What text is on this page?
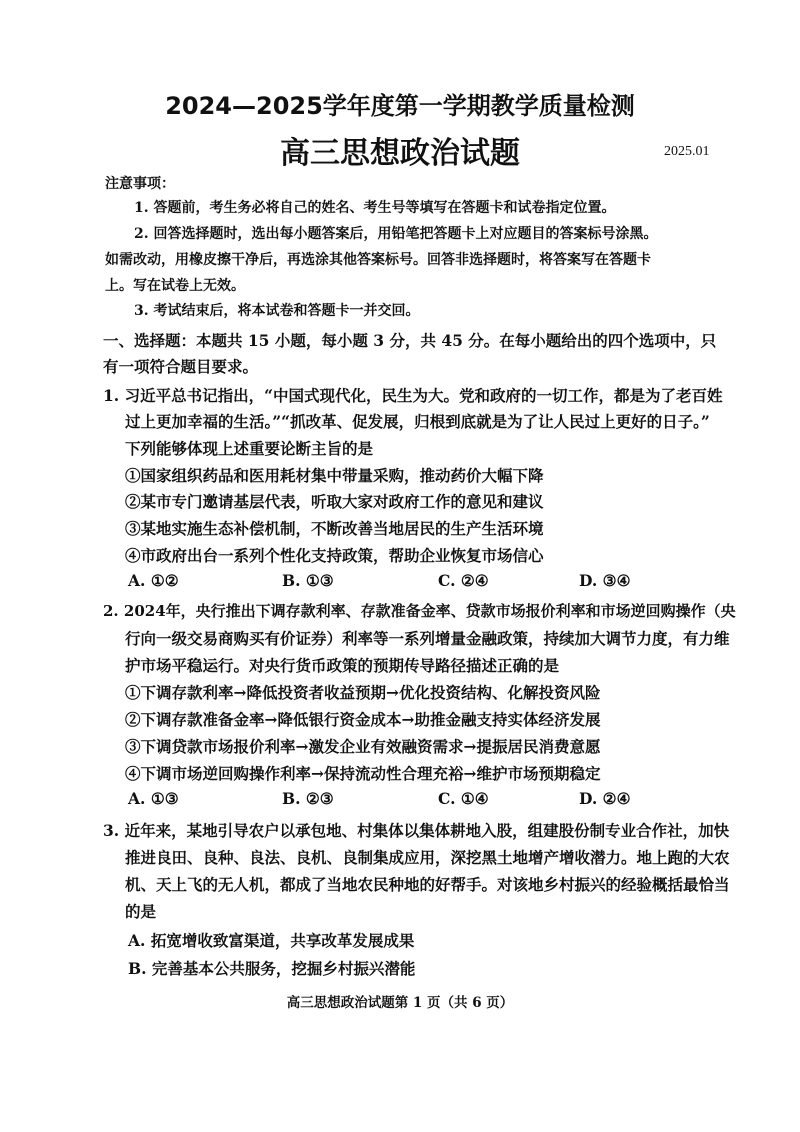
2024—2025学年度第一学期教学质量检测
高三思想政治试题	2025.01
注意事项：
1. 答题前，考生务必将自己的姓名、考生号等填写在答题卡和试卷指定位置。
2. 回答选择题时，选出每小题答案后，用铅笔把答题卡上对应题目的答案标号涂黑。
如需改动，用橡皮擦干净后，再选涂其他答案标号。回答非选择题时，将答案写在答题卡
上。写在试卷上无效。
3. 考试结束后，将本试卷和答题卡一并交回。
一、选择题：本题共 15 小题，每小题 3 分，共 45 分。在每小题给出的四个选项中，只
有一项符合题目要求。
1. 习近平总书记指出，“中国式现代化，民生为大。党和政府的一切工作，都是为了老百姓
过上更加幸福的生活。”“抓改革、促发展，归根到底就是为了让人民过上更好的日子。”
下列能够体现上述重要论断主旨的是
①国家组织药品和医用耗材集中带量采购，推动药价大幅下降
②某市专门邀请基层代表，听取大家对政府工作的意见和建议
③某地实施生态补偿机制，不断改善当地居民的生产生活环境
④市政府出台一系列个性化支持政策，帮助企业恢复市场信心
A. ①②	B. ①③	C. ②④	D. ③④
2. 2024年，央行推出下调存款利率、存款准备金率、贷款市场报价利率和市场逆回购操作（央
行向一级交易商购买有价证券）利率等一系列增量金融政策，持续加大调节力度，有力维
护市场平稳运行。对央行货币政策的预期传导路径描述正确的是
①下调存款利率→降低投资者收益预期→优化投资结构、化解投资风险
②下调存款准备金率→降低银行资金成本→助推金融支持实体经济发展
③下调贷款市场报价利率→激发企业有效融资需求→提振居民消费意愿
④下调市场逆回购操作利率→保持流动性合理充裕→维护市场预期稳定
A. ①③	B. ②③	C. ①④	D. ②④
3. 近年来，某地引导农户以承包地、村集体以集体耕地入股，组建股份制专业合作社，加快
推进良田、良种、良法、良机、良制集成应用，深挖黑土地增产增收潜力。地上跑的大农
机、天上飞的无人机，都成了当地农民种地的好帮手。对该地乡村振兴的经验概括最恰当
的是
A. 拓宽增收致富渠道，共享改革发展成果
B. 完善基本公共服务，挖掘乡村振兴潜能
高三思想政治试题第 1 页（共 6 页）
